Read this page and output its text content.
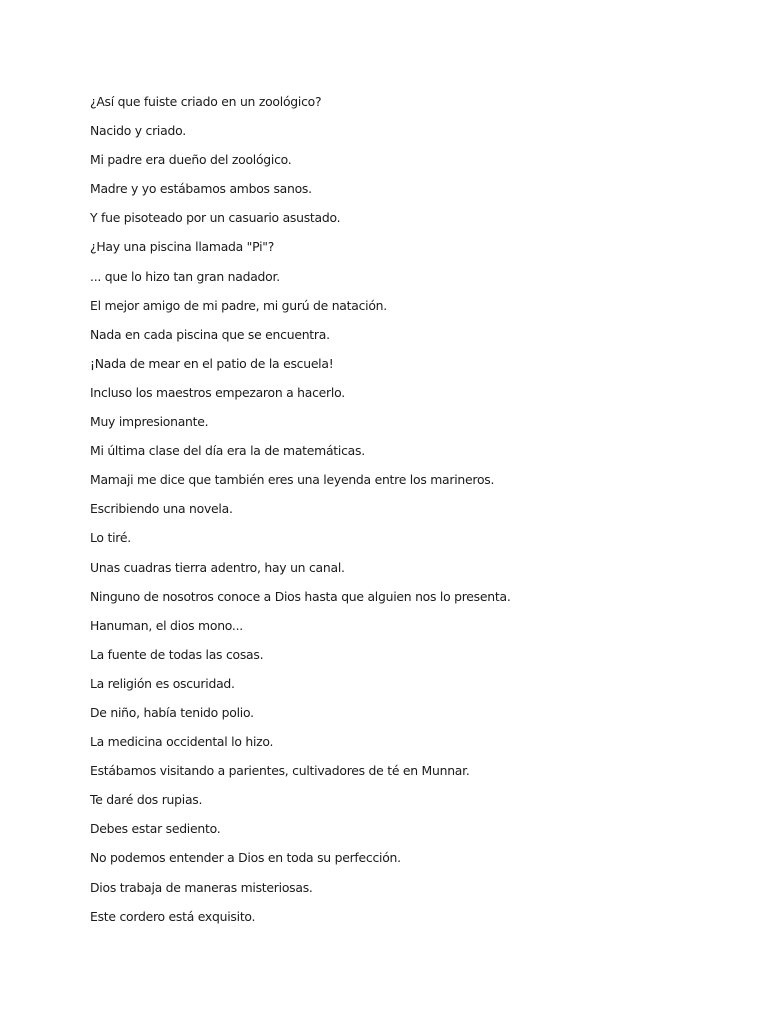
¿Así que fuiste criado en un zoológico?
Nacido y criado.
Mi padre era dueño del zoológico.
Madre y yo estábamos ambos sanos.
Y fue pisoteado por un casuario asustado.
¿Hay una piscina llamada "Pi"?
... que lo hizo tan gran nadador.
El mejor amigo de mi padre, mi gurú de natación.
Nada en cada piscina que se encuentra.
¡Nada de mear en el patio de la escuela!
Incluso los maestros empezaron a hacerlo.
Muy impresionante.
Mi última clase del día era la de matemáticas.
Mamaji me dice que también eres una leyenda entre los marineros.
Escribiendo una novela.
Lo tiré.
Unas cuadras tierra adentro, hay un canal.
Ninguno de nosotros conoce a Dios hasta que alguien nos lo presenta.
Hanuman, el dios mono...
La fuente de todas las cosas.
La religión es oscuridad.
De niño, había tenido polio.
La medicina occidental lo hizo.
Estábamos visitando a parientes, cultivadores de té en Munnar.
Te daré dos rupias.
Debes estar sediento.
No podemos entender a Dios en toda su perfección.
Dios trabaja de maneras misteriosas.
Este cordero está exquisito.
